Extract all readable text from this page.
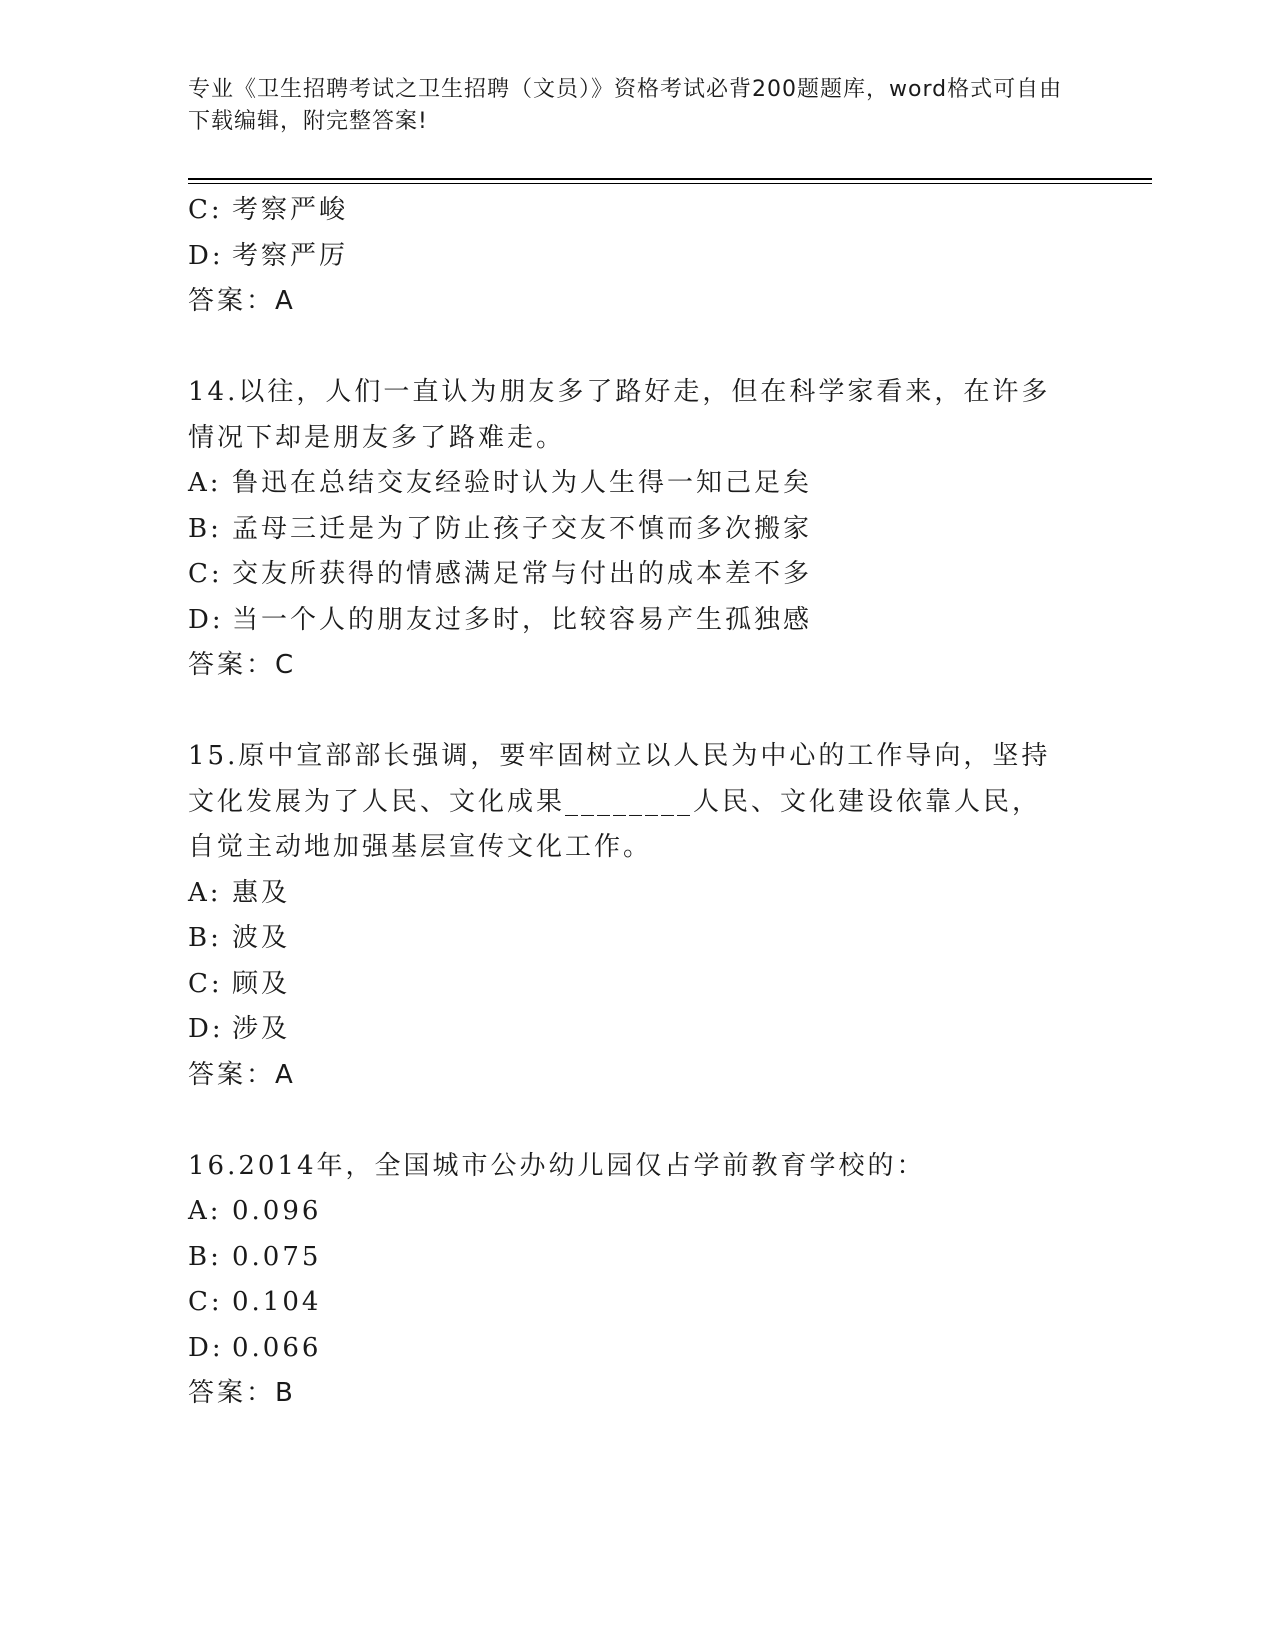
专业《卫生招聘考试之卫生招聘（文员）》资格考试必背200题题库，word格式可自由下载编辑，附完整答案!
C: 考察严峻
D: 考察严厉
答案：A
14.以往，人们一直认为朋友多了路好走，但在科学家看来，在许多情况下却是朋友多了路难走。
A: 鲁迅在总结交友经验时认为人生得一知己足矣
B: 孟母三迁是为了防止孩子交友不慎而多次搬家
C: 交友所获得的情感满足常与付出的成本差不多
D: 当一个人的朋友过多时，比较容易产生孤独感
答案：C
15.原中宣部部长强调，要牢固树立以人民为中心的工作导向，坚持文化发展为了人民、文化成果________人民、文化建设依靠人民，自觉主动地加强基层宣传文化工作。
A: 惠及
B: 波及
C: 顾及
D: 涉及
答案：A
16.2014年，全国城市公办幼儿园仅占学前教育学校的：
A: 0.096
B: 0.075
C: 0.104
D: 0.066
答案：B
